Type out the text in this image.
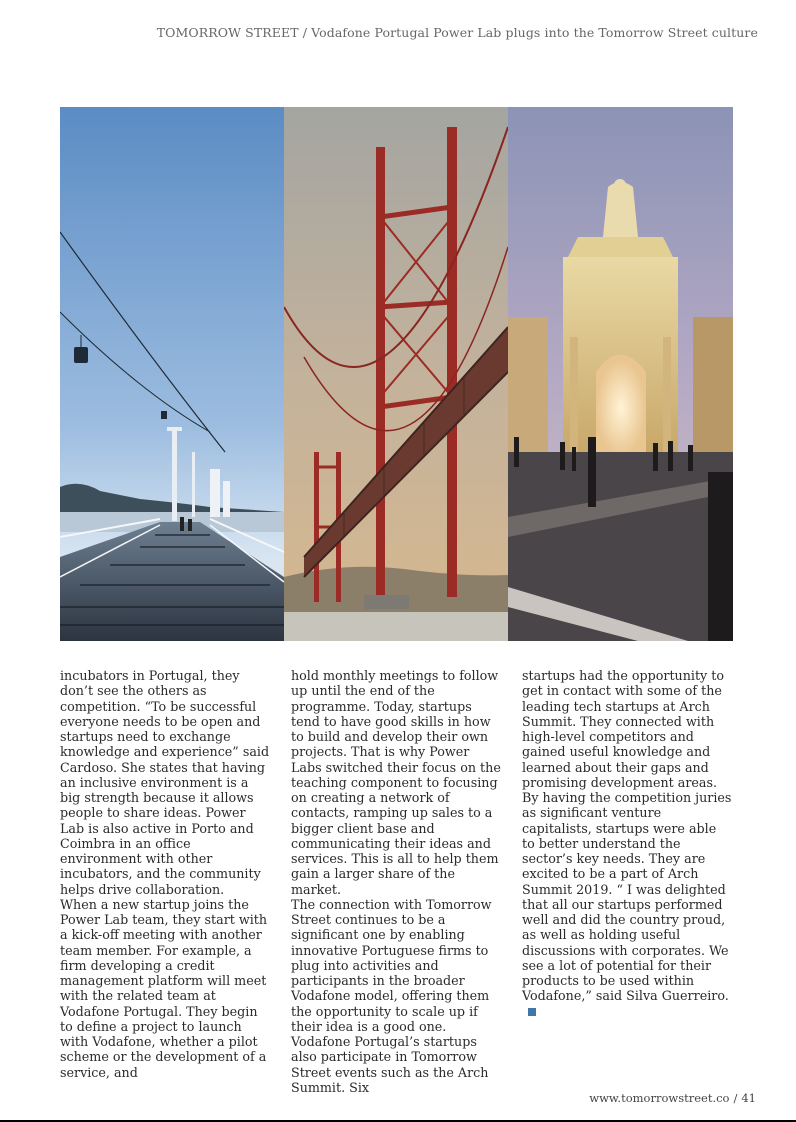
TOMORROW STREET / Vodafone Portugal Power Lab plugs into the Tomorrow Street culture

incubators in Portugal, they don’t see the others as competition. “To be successful everyone needs to be open and startups need to exchange knowledge and experience” said Cardoso. She states that having an inclusive environment is a big strength because it allows people to share ideas. Power Lab is also active in Porto and Coimbra in an office environment with other incubators, and the community helps drive collaboration.

When a new startup joins the Power Lab team, they start with a kick-off meeting with another team member. For example, a firm developing a credit management platform will meet with the related team at Vodafone Portugal. They begin to define a project to launch with Vodafone, whether a pilot scheme or the development of a service, and

hold monthly meetings to follow up until the end of the programme. Today, startups tend to have good skills in how to build and develop their own projects. That is why Power Labs switched their focus on the teaching component to focusing on creating a network of contacts, ramping up sales to a bigger client base and communicating their ideas and services. This is all to help them gain a larger share of the market.

The connection with Tomorrow Street continues to be a significant one by enabling innovative Portuguese firms to plug into activities and participants in the broader Vodafone model, offering them the opportunity to scale up if their idea is a good one.

Vodafone Portugal’s startups also participate in Tomorrow Street events such as the Arch Summit. Six

startups had the opportunity to get in contact with some of the leading tech startups at Arch Summit. They connected with high-level competitors and gained useful knowledge and learned about their gaps and promising development areas. By having the competition juries as significant venture capitalists, startups were able to better understand the sector’s key needs. They are excited to be a part of Arch Summit 2019. “ I was delighted that all our startups performed well and did the country proud, as well as holding useful discussions with corporates. We see a lot of potential for their products to be used within Vodafone,” said Silva Guerreiro.

www.tomorrowstreet.co / 41
